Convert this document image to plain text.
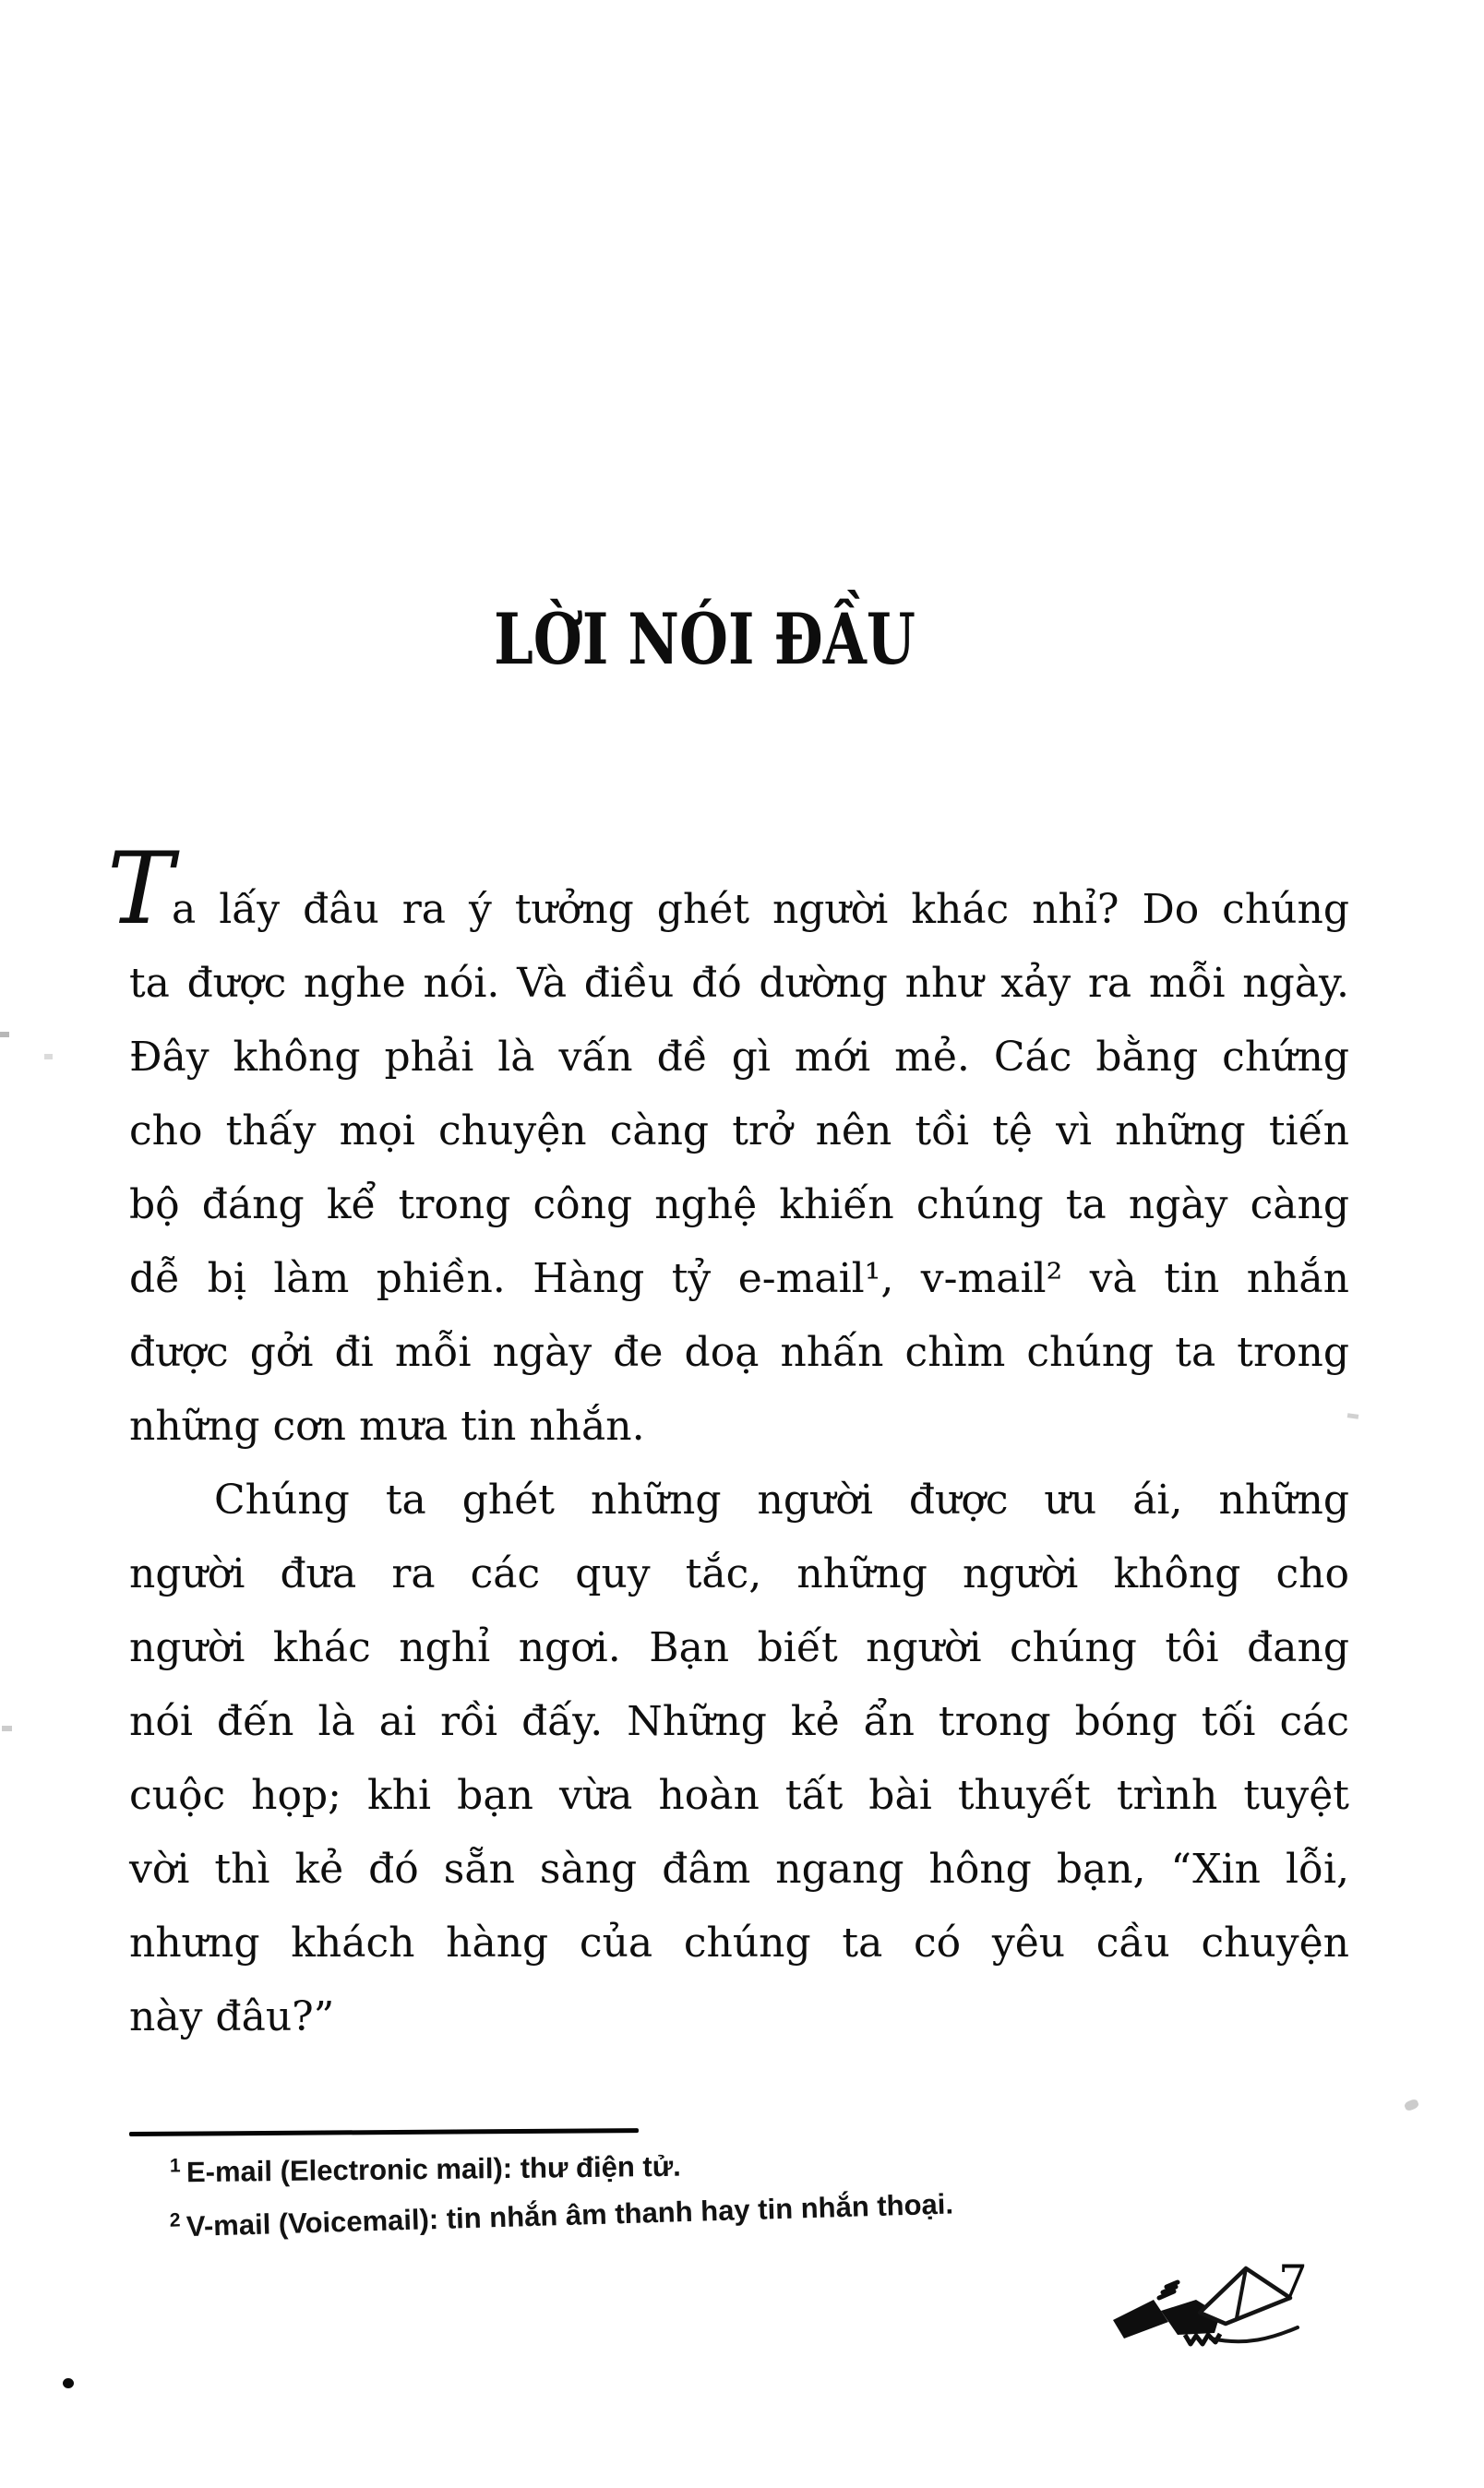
LỜI NÓI ĐẦU
Ta lấy đâu ra ý tưởng ghét người khác nhỉ? Do chúng
ta được nghe nói. Và điều đó dường như xảy ra mỗi ngày.
Đây không phải là vấn đề gì mới mẻ. Các bằng chứng
cho thấy mọi chuyện càng trở nên tồi tệ vì những tiến
bộ đáng kể trong công nghệ khiến chúng ta ngày càng
dễ bị làm phiền. Hàng tỷ e-mail¹, v-mail² và tin nhắn
được gởi đi mỗi ngày đe doạ nhấn chìm chúng ta trong
những cơn mưa tin nhắn.
Chúng ta ghét những người được ưu ái, những
người đưa ra các quy tắc, những người không cho
người khác nghỉ ngơi. Bạn biết người chúng tôi đang
nói đến là ai rồi đấy. Những kẻ ẩn trong bóng tối các
cuộc họp; khi bạn vừa hoàn tất bài thuyết trình tuyệt
vời thì kẻ đó sẵn sàng đâm ngang hông bạn, “Xin lỗi,
nhưng khách hàng của chúng ta có yêu cầu chuyện
này đâu?”
1 E-mail (Electronic mail): thư điện tử.
2 V-mail (Voicemail): tin nhắn âm thanh hay tin nhắn thoại.
7
